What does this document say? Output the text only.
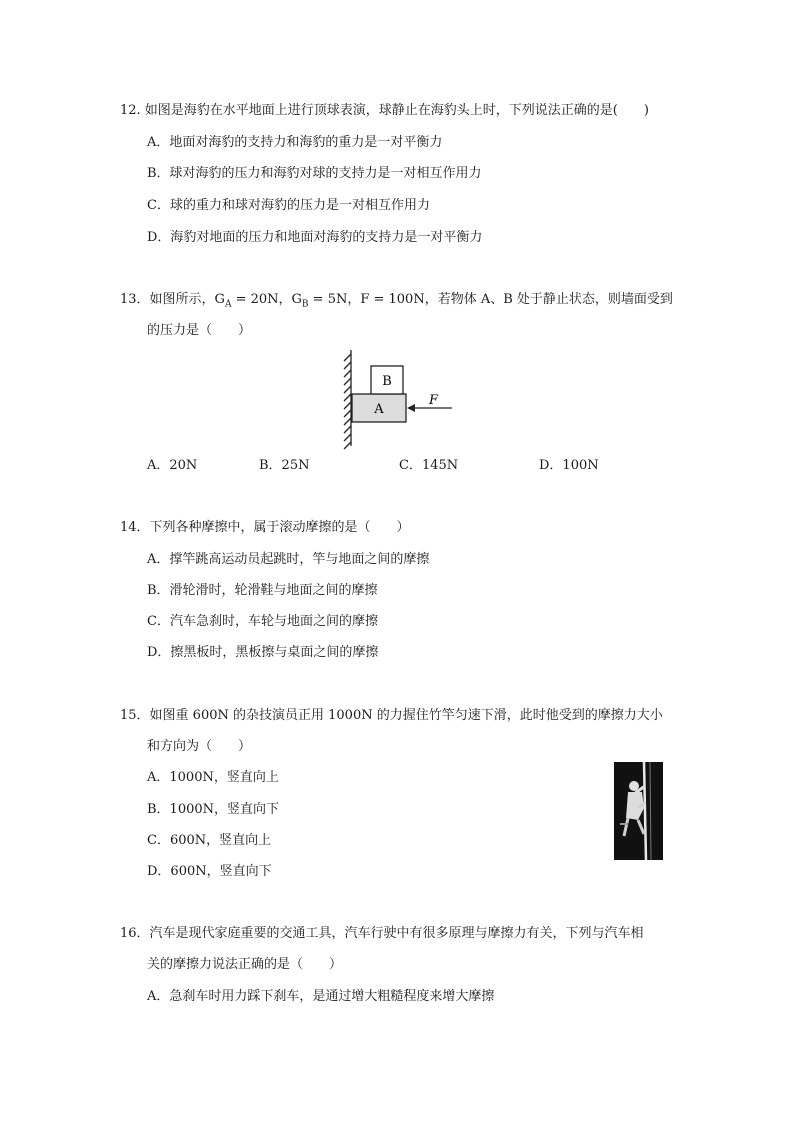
12. 如图是海豹在水平地面上进行顶球表演，球静止在海豹头上时，下列说法正确的是(　　)
A．地面对海豹的支持力和海豹的重力是一对平衡力
B．球对海豹的压力和海豹对球的支持力是一对相互作用力
C．球的重力和球对海豹的压力是一对相互作用力
D．海豹对地面的压力和地面对海豹的支持力是一对平衡力
13．如图所示，$G_A = 20N$，$G_B = 5N$，F = 100N，若物体 A、B 处于静止状态，则墙面受到
的压力是（　　）
A
B
F
A．20N	B．25N	C．145N	D．100N
14．下列各种摩擦中，属于滚动摩擦的是（　　）
A．撑竿跳高运动员起跳时，竿与地面之间的摩擦
B．滑轮滑时，轮滑鞋与地面之间的摩擦
C．汽车急刹时，车轮与地面之间的摩擦
D．擦黑板时，黑板擦与桌面之间的摩擦
15．如图重 600N 的杂技演员正用 1000N 的力握住竹竿匀速下滑，此时他受到的摩擦力大小
和方向为（　　）
A．1000N，竖直向上
B．1000N，竖直向下
C．600N，竖直向上
D．600N，竖直向下
16．汽车是现代家庭重要的交通工具，汽车行驶中有很多原理与摩擦力有关，下列与汽车相
关的摩擦力说法正确的是（　　）
A．急刹车时用力踩下刹车，是通过增大粗糙程度来增大摩擦
